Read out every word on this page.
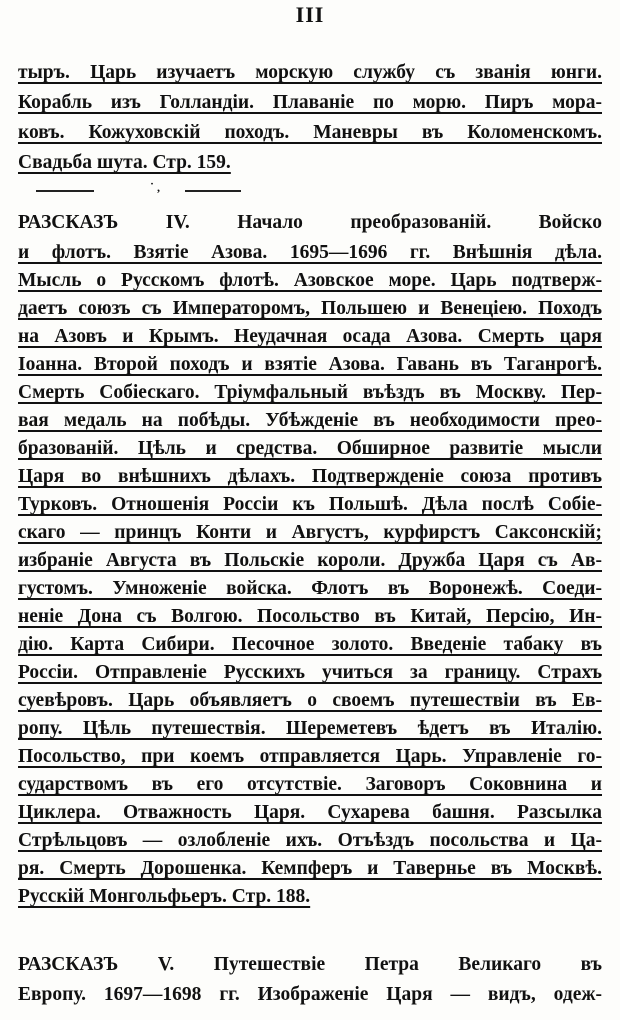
III
тыръ. Царь изучаетъ морскую службу съ званія юнги.
Корабль изъ Голландіи. Плаваніе по морю. Пиръ морa-
ковъ. Кожуховскій походъ. Маневры въ Коломенскомъ.
Свадьба шута. Стр. 159.
˙ ,
РАЗСКАЗЪ IV. Начало преобразованій. Войско
и флотъ. Взятіе Азова. 1695—1696 гг. Внѣшнія дѣла.
Мысль о Русскомъ флотѣ. Азовское море. Царь подтверж-
даетъ союзъ съ Императоромъ, Польшею и Венеціею. Походъ
на Азовъ и Крымъ. Неудачная осада Азова. Смерть царя
Іоанна. Второй походъ и взятіе Азова. Гавань въ Таганрогѣ.
Смерть Собіескаго. Тріумфальный въѣздъ въ Москву. Пер-
вая медаль на побѣды. Убѣжденіе въ необходимости прео-
бразованій. Цѣль и средства. Обширное развитіе мысли
Царя во внѣшнихъ дѣлахъ. Подтвержденіе союза противъ
Турковъ. Отношенія Россіи къ Польшѣ. Дѣла послѣ Собіе-
скаго — принцъ Конти и Августъ, курфирстъ Саксонскій;
избраніе Августа въ Польскіе короли. Дружба Царя съ Ав-
густомъ. Умноженіе войска. Флотъ въ Воронежѣ. Соеди-
неніе Дона съ Волгою. Посольство въ Китай, Персію, Ин-
дію. Карта Сибири. Песочное золото. Введеніе табаку въ
Россіи. Отправленіе Русскихъ учиться за границу. Страхъ
суевѣровъ. Царь объявляетъ о своемъ путешествіи въ Ев-
ропу. Цѣль путешествія. Шереметевъ ѣдетъ въ Италію.
Посольство, при коемъ отправляется Царь. Управленіе го-
сударствомъ въ его отсутствіе. Заговоръ Соковнина и
Циклера. Отважность Царя. Сухарева башня. Разсылка
Стрѣльцовъ — озлобленіе ихъ. Отъѣздъ посольства и Ца-
ря. Смерть Дорошенка. Кемпферъ и Тавернье въ Москвѣ.
Русскій Монгольфьеръ. Стр. 188.
РАЗСКАЗЪ V. Путешествіе Петра Великаго въ
Европу. 1697—1698 гг. Изображеніе Царя — видъ, одеж-
